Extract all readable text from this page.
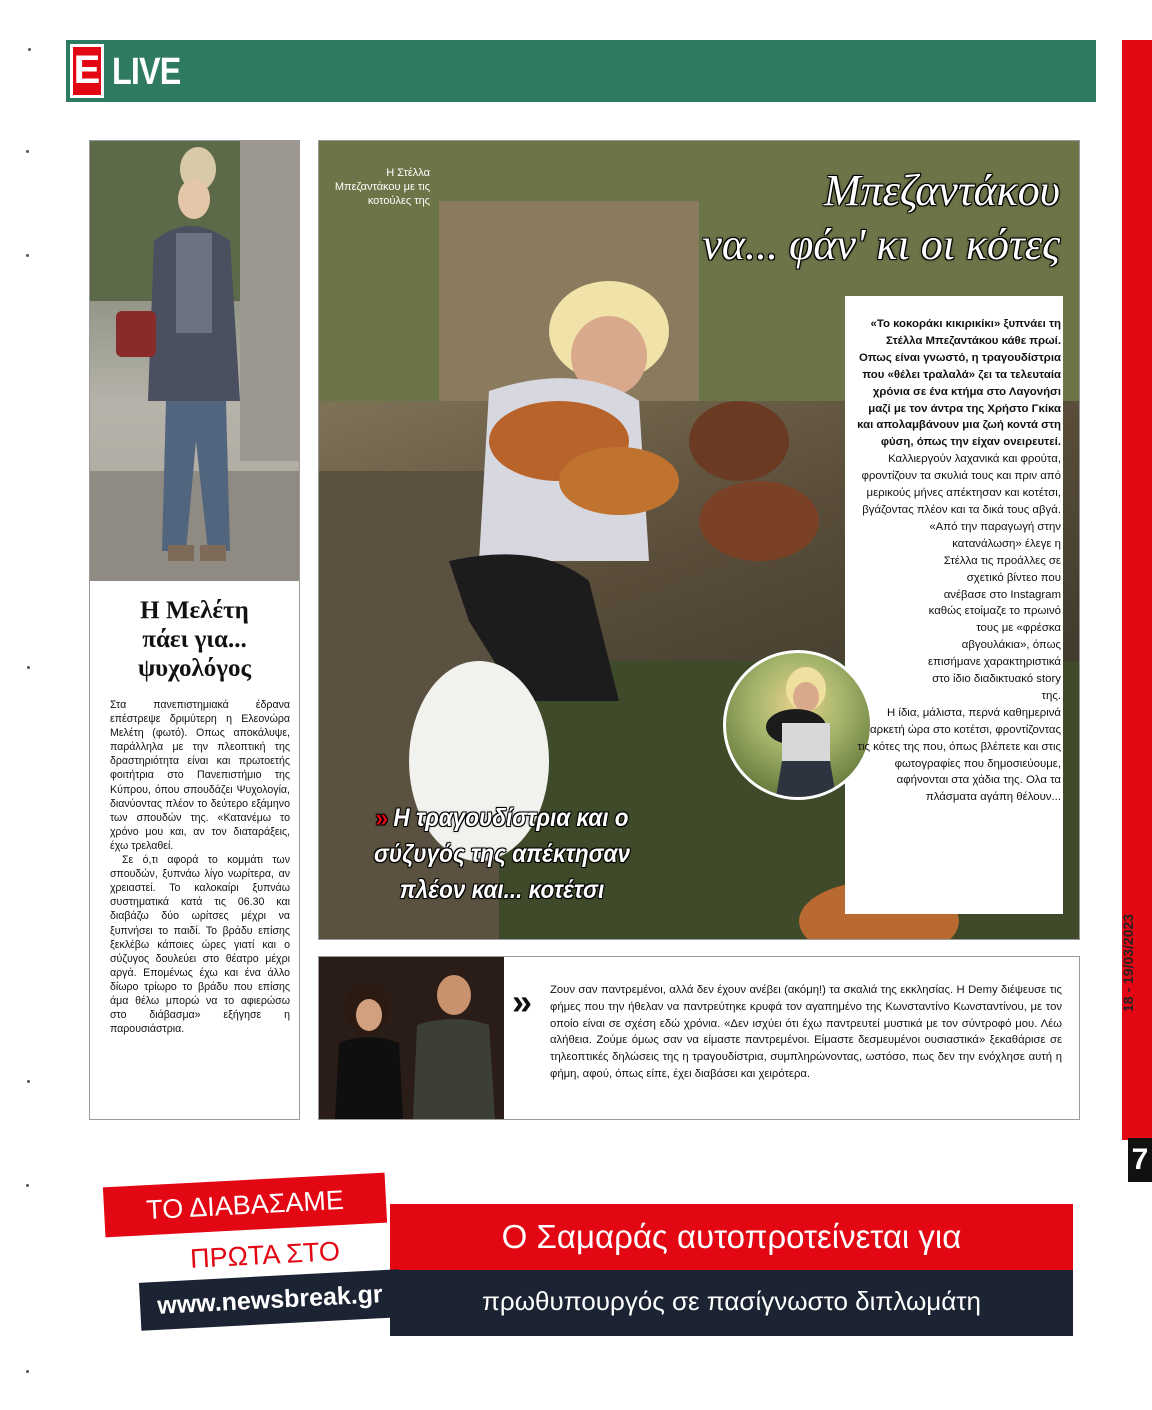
E LIVE
7
18 - 19/03/2023
Η Μελέτη
πάει για...
ψυχολόγος

Στα πανεπιστημιακά έδρανα επέστρεψε δριμύτερη η Ελεονώρα Μελέτη (φωτό). Οπως αποκάλυψε, παράλληλα με την πλεοπτική της δραστηριότητα είναι και πρωτοετής φοιτήτρια στο Πανεπιστήμιο της Κύπρου, όπου σπουδάζει Ψυχολογία, διανύοντας πλέον το δεύτερο εξάμηνο των σπουδών της. «Κατανέμω το χρόνο μου και, αν τον διαταράξεις, έχω τρελαθεί.

Σε ό,τι αφορά το κομμάτι των σπουδών, ξυπνάω λίγο νωρίτερα, αν χρειαστεί. Το καλοκαίρι ξυπνάω συστηματικά κατά τις 06.30 και διαβάζω δύο ωρίτσες μέχρι να ξυπνήσει το παιδί. Το βράδυ επίσης ξεκλέβω κάποιες ώρες γιατί και ο σύζυγος δουλεύει στο θέατρο μέχρι αργά. Επομένως έχω και ένα άλλο δίωρο τρίωρο το βράδυ που επίσης άμα θέλω μπορώ να το αφιερώσω στο διάβασμα» εξήγησε η παρουσιάστρια.

Η Στέλλα Μπεζαντάκου με τις κοτούλες της	Μπεζαντάκου
να... φάν' κι οι κότες

«Το κοκοράκι κικιρικίκι» ξυπνάει τη Στέλλα Μπεζαντάκου κάθε πρωί. Οπως είναι γνωστό, η τραγουδίστρια που «θέλει τραλαλά» ζει τα τελευταία χρόνια σε ένα κτήμα στο Λαγονήσι μαζί με τον άντρα της Χρήστο Γκίκα και απολαμβάνουν μια ζωή κοντά στη φύση, όπως την είχαν ονειρευτεί.

Καλλιεργούν λαχανικά και φρούτα, φροντίζουν τα σκυλιά τους και πριν από μερικούς μήνες απέκτησαν και κοτέτσι, βγάζοντας πλέον και τα δικά τους αβγά.

«Από την παραγωγή στην κατανάλωση» έλεγε η Στέλλα τις προάλλες σε σχετικό βίντεο που ανέβασε στο Instagram καθώς ετοίμαζε το πρωινό τους με «φρέσκα αβγουλάκια», όπως επισήμανε χαρακτηριστικά στο ίδιο διαδικτυακό story της.

Η ίδια, μάλιστα, περνά καθημερινά αρκετή ώρα στο κοτέτσι, φροντίζοντας τις κότες της που, όπως βλέπετε και στις φωτογραφίες που δημοσιεύουμε, αφήνονται στα χάδια της. Ολα τα πλάσματα αγάπη θέλουν...

» Η τραγουδίστρια και ο σύζυγός της απέκτησαν πλέον και... κοτέτσι
» Ζουν σαν παντρεμένοι, αλλά δεν έχουν ανέβει (ακόμη!) τα σκαλιά της εκκλησίας. Η Demy διέψευσε τις φήμες που την ήθελαν να παντρεύτηκε κρυφά τον αγαπημένο της Κωνσταντίνο Κωνσταντίνου, με τον οποίο είναι σε σχέση εδώ χρόνια. «Δεν ισχύει ότι έχω παντρευτεί μυστικά με τον σύντροφό μου. Λέω αλήθεια. Ζούμε όμως σαν να είμαστε παντρεμένοι. Είμαστε δεσμευμένοι ουσιαστικά» ξεκαθάρισε σε τηλεοπτικές δηλώσεις της η τραγουδίστρια, συμπληρώνοντας, ωστόσο, πως δεν την ενόχλησε αυτή η φήμη, αφού, όπως είπε, έχει διαβάσει και χειρότερα.

Ο Σαμαράς αυτοπροτείνεται για
πρωθυπουργός σε πασίγνωστο διπλωμάτη
ΤΟ ΔΙΑΒΑΣΑΜΕ
ΠΡΩΤΑ ΣΤΟ
www.newsbreak.gr
